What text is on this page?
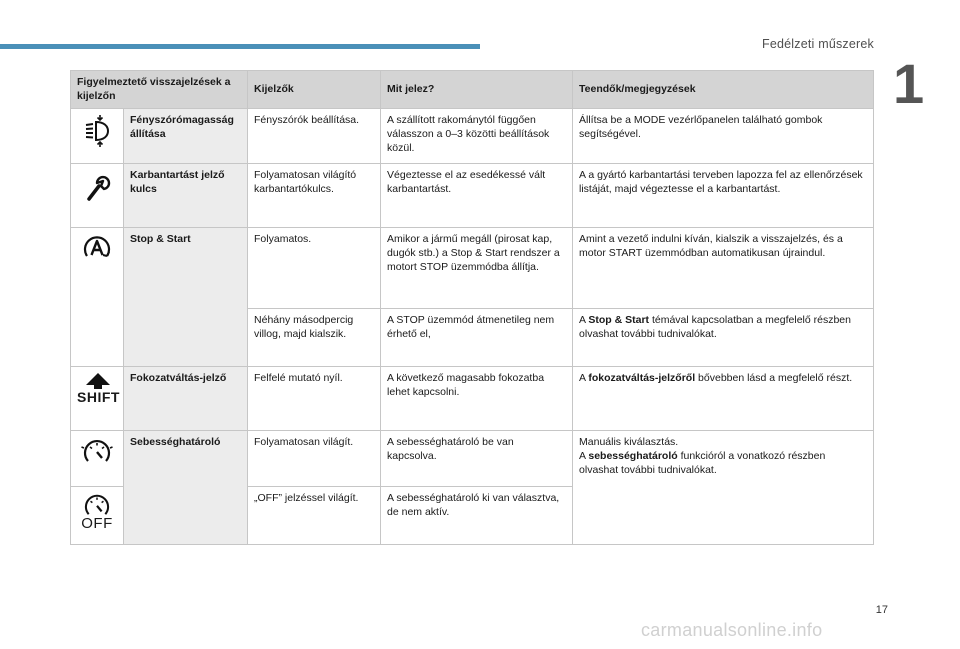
Fedélzeti műszerek
1
Figyelmeztető visszajelzések a kijelzőn		Kijelzők	Mit jelez?	Teendők/megjegyzések

	Fényszórómagasság állítása	Fényszórók beállítása.	A szállított rakománytól függően válasszon a 0–3 közötti beállítások közül.	Állítsa be a MODE vezérlőpanelen található gombok segítségével.

	Karbantartást jelző kulcs	Folyamatosan világító karbantartókulcs.	Végeztesse el az esedékessé vált karbantartást.	A a gyártó karbantartási terveben lapozza fel az ellenőrzések listáját, majd végeztesse el a karbantartást.

	Stop & Start	Folyamatos.	Amikor a jármű megáll (pirosat kap, dugók stb.) a Stop & Start rendszer a motort STOP üzemmódba állítja.	Amint a vezető indulni kíván, kialszik a visszajelzés, és a motor START üzemmódban automatikusan újraindul.
		Néhány másodpercig villog, majd kialszik.	A STOP üzemmód átmenetileg nem érhető el,	A Stop & Start témával kapcsolatban a megfelelő részben olvashat további tudnivalókat.

SHIFT	Fokozatváltás-jelző	Felfelé mutató nyíl.	A következő magasabb fokozatba lehet kapcsolni.	A fokozatváltás-jelzőről bővebben lásd a megfelelő részt.

	Sebességhatároló	Folyamatosan világít.	A sebességhatároló be van kapcsolva.	Manuális kiválasztás.
A sebességhatároló funkcióról a vonatkozó részben olvashat további tudnivalókat.

OFF		„OFF” jelzéssel világít.	A sebességhatároló ki van választva, de nem aktív.	
17
carmanualsonline.info
